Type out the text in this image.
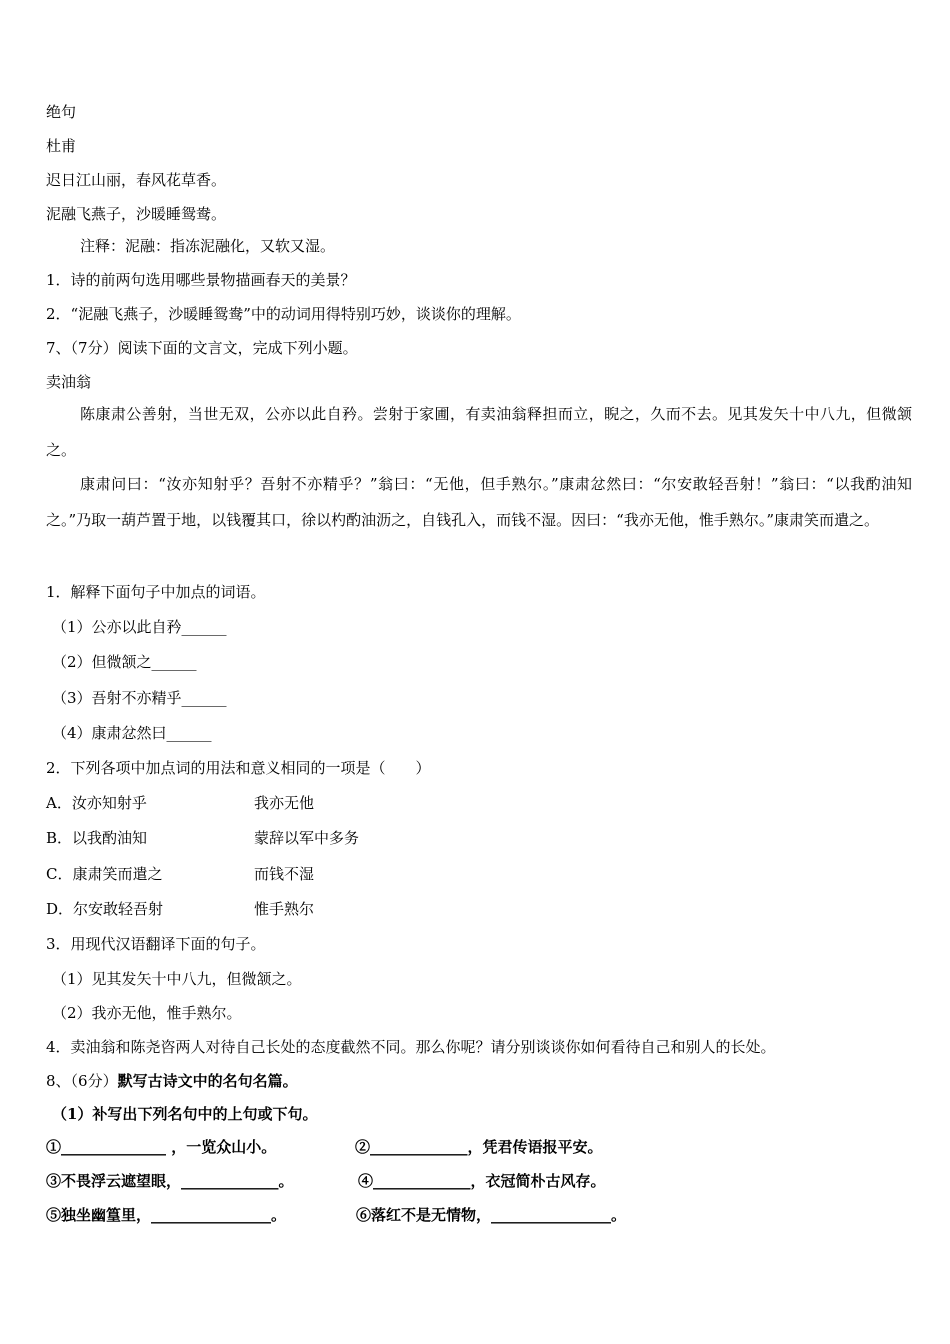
绝句
杜甫
迟日江山丽，春风花草香。
泥融飞燕子，沙暖睡鸳鸯。
注释：泥融：指冻泥融化，又软又湿。
1．诗的前两句选用哪些景物描画春天的美景？
2．“泥融飞燕子，沙暖睡鸳鸯”中的动词用得特别巧妙，谈谈你的理解。
7、（7分）阅读下面的文言文，完成下列小题。
卖油翁
陈康肃公善射，当世无双，公亦以此自矜。尝射于家圃，有卖油翁释担而立，睨之，久而不去。见其发矢十中八九，但微颔之。
康肃问曰：“汝亦知射乎？吾射不亦精乎？”翁曰：“无他，但手熟尔。”康肃忿然曰：“尔安敢轻吾射！”翁曰：“以我酌油知之。”乃取一葫芦置于地，以钱覆其口，徐以杓酌油沥之，自钱孔入，而钱不湿。因曰：“我亦无他，惟手熟尔。”康肃笑而遣之。
1．解释下面句子中加点的词语。
（1）公亦以此自矜______
（2）但微颔之______
（3）吾射不亦精乎______
（4）康肃忿然曰______
2．下列各项中加点词的用法和意义相同的一项是（　　）
A．汝亦知射乎	我亦无他
B．以我酌油知	蒙辞以军中多务
C．康肃笑而遣之	而钱不湿
D．尔安敢轻吾射	惟手熟尔
3．用现代汉语翻译下面的句子。
（1）见其发矢十中八九，但微颔之。
（2）我亦无他，惟手熟尔。
4．卖油翁和陈尧咨两人对待自己长处的态度截然不同。那么你呢？请分别谈谈你如何看待自己和别人的长处。
8、（6分）默写古诗文中的名句名篇。
（1）补写出下列名句中的上句或下句。
①______________ ，一览众山小。	②_____________，凭君传语报平安。
③不畏浮云遮望眼，_____________。	④_____________，衣冠简朴古风存。
⑤独坐幽篁里，________________。	⑥落红不是无情物，________________。
